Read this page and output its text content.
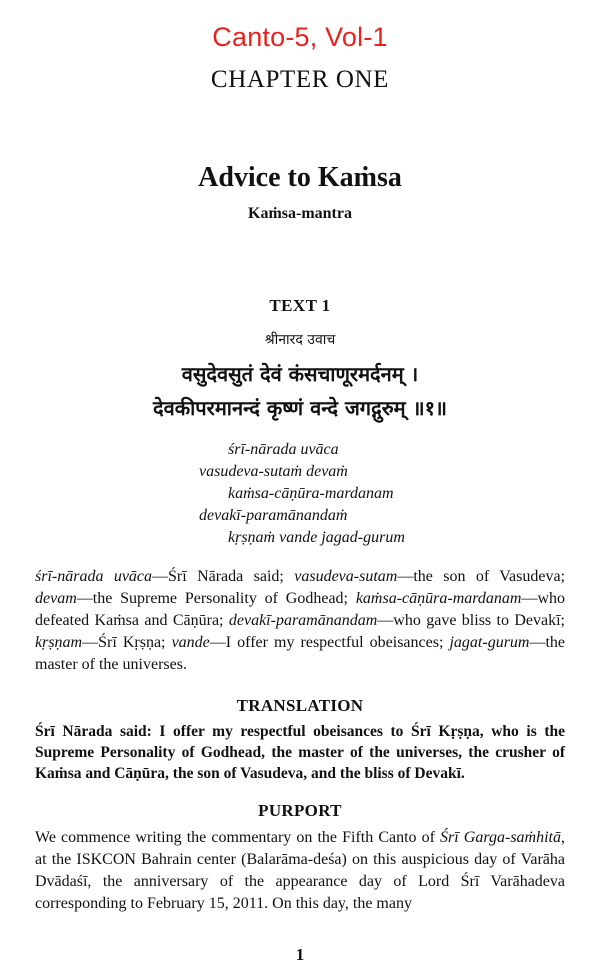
Canto-5, Vol-1
CHAPTER ONE
Advice to Kaṁsa
Kaṁsa-mantra
TEXT 1
श्रीनारद उवाच
वसुदेवसुतं देवं कंसचाणूरमर्दनम् ।
देवकीपरमानन्दं कृष्णं वन्दे जगद्गुरुम् ॥१॥
śrī-nārada uvāca
vasudeva-sutaṁ devaṁ
kaṁsa-cāṇūra-mardanam
devakī-paramānandaṁ
kṛṣṇaṁ vande jagad-gurum
śrī-nārada uvāca—Śrī Nārada said; vasudeva-sutam—the son of Vasudeva; devam—the Supreme Personality of Godhead; kaṁsa-cāṇūra-mardanam—who defeated Kaṁsa and Cāṇūra; devakī-paramānandam—who gave bliss to Devakī; kṛṣṇam—Śrī Kṛṣṇa; vande—I offer my respectful obeisances; jagat-gurum—the master of the universes.
TRANSLATION
Śrī Nārada said: I offer my respectful obeisances to Śrī Kṛṣṇa, who is the Supreme Personality of Godhead, the master of the universes, the crusher of Kaṁsa and Cāṇūra, the son of Vasudeva, and the bliss of Devakī.
PURPORT
We commence writing the commentary on the Fifth Canto of Śrī Garga-saṁhitā, at the ISKCON Bahrain center (Balarāma-deśa) on this auspicious day of Varāha Dvādaśī, the anniversary of the appearance day of Lord Śrī Varāhadeva corresponding to February 15, 2011. On this day, the many
1
